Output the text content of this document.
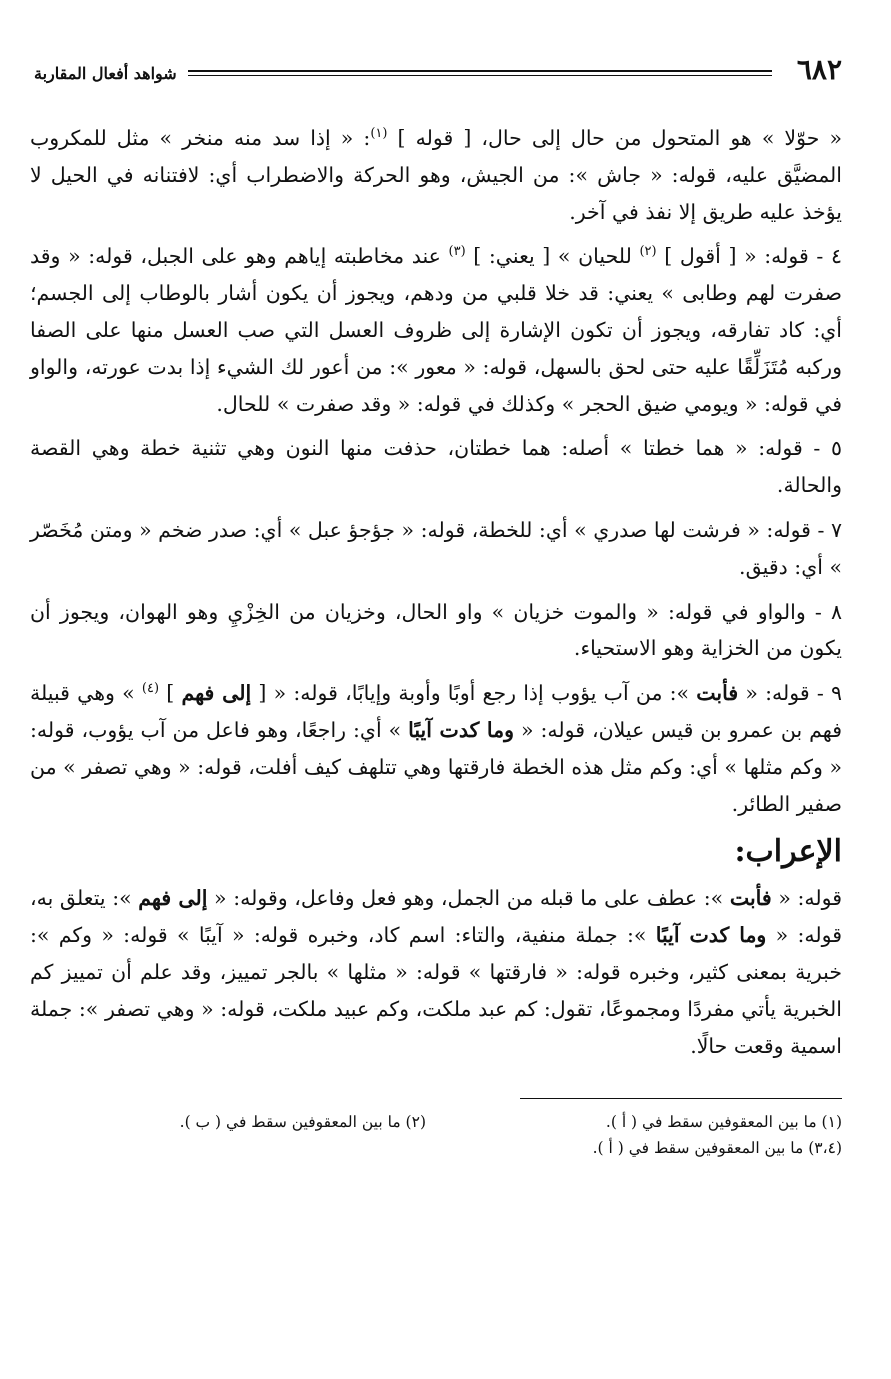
٦٨٢
شواهد أفعال المقاربة

« حوّلا » هو المتحول من حال إلى حال، [ قوله ] $^{(١)}$: « إذا سد منه منخر » مثل للمكروب المضيَّق عليه، قوله: « جاش »: من الجيش، وهو الحركة والاضطراب أي: لافتنانه في الحيل لا يؤخذ عليه طريق إلا نفذ في آخر.

٤ - قوله: « [ أقول ] $^{(٢)}$ للحيان » [ يعني: ] $^{(٣)}$ عند مخاطبته إياهم وهو على الجبل، قوله: « وقد صفرت لهم وطابى » يعني: قد خلا قلبي من ودهم، ويجوز أن يكون أشار بالوطاب إلى الجسم؛ أي: كاد تفارقه، ويجوز أن تكون الإشارة إلى ظروف العسل التي صب العسل منها على الصفا وركبه مُتَزَلِّقًا عليه حتى لحق بالسهل، قوله: « معور »: من أعور لك الشيء إذا بدت عورته، والواو في قوله: « ويومي ضيق الحجر » وكذلك في قوله: « وقد صفرت » للحال.

٥ - قوله: « هما خطتا » أصله: هما خطتان، حذفت منها النون وهي تثنية خطة وهي القصة والحالة.

٧ - قوله: « فرشت لها صدري » أي: للخطة، قوله: « جؤجؤ عبل » أي: صدر ضخم « ومتن مُخَصّر » أي: دقيق.

٨ - والواو في قوله: « والموت خزيان » واو الحال، وخزيان من الخِزْيِ وهو الهوان، ويجوز أن يكون من الخزاية وهو الاستحياء.

٩ - قوله: « فأبت »: من آب يؤوب إذا رجع أوبًا وأوبة وإيابًا، قوله: « [ إلى فهم ] $^{(٤)}$ » وهي قبيلة فهم بن عمرو بن قيس عيلان، قوله: « وما كدت آيبًا » أي: راجعًا، وهو فاعل من آب يؤوب، قوله: « وكم مثلها » أي: وكم مثل هذه الخطة فارقتها وهي تتلهف كيف أفلت، قوله: « وهي تصفر » من صفير الطائر.

الإعراب:

قوله: « فأبت »: عطف على ما قبله من الجمل، وهو فعل وفاعل، وقوله: « إلى فهم »: يتعلق به، قوله: « وما كدت آيبًا »: جملة منفية، والتاء: اسم كاد، وخبره قوله: « آيبًا » قوله: « وكم »: خبرية بمعنى كثير، وخبره قوله: « فارقتها » قوله: « مثلها » بالجر تمييز، وقد علم أن تمييز كم الخبرية يأتي مفردًا ومجموعًا، تقول: كم عبد ملكت، وكم عبيد ملكت، قوله: « وهي تصفر »: جملة اسمية وقعت حالًا.

(١) ما بين المعقوفين سقط في ( أ ).
(٢) ما بين المعقوفين سقط في ( ب ).
(٣،٤) ما بين المعقوفين سقط في ( أ ).
